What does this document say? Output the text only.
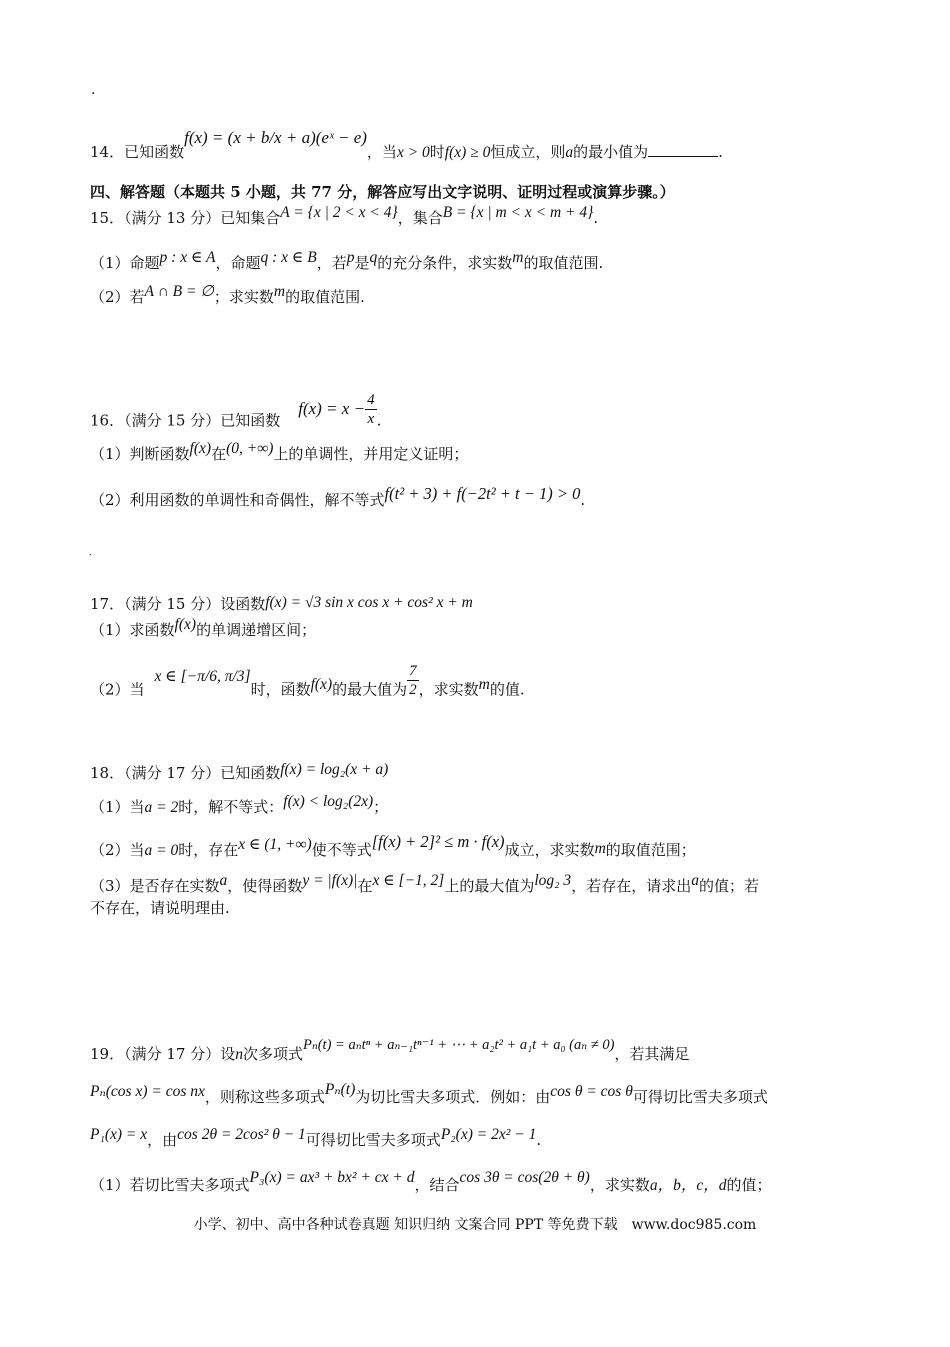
.
14．已知函数f(x) = (x + b/x + a)(eˣ − e)，当x > 0时f(x) ≥ 0恒成立，则a的最小值为	.
四、解答题（本题共 5 小题，共 77 分，解答应写出文字说明、证明过程或演算步骤。）
15．（满分 13 分）已知集合A = {x | 2 < x < 4}，集合B = {x | m < x < m + 4}.
（1）命题p : x ∈ A，命题q : x ∈ B，若p是q的充分条件，求实数m的取值范围.
（2）若A ∩ B = ∅；求实数m的取值范围.
16．（满分 15 分）已知函数$f(x) = x - \frac{4}{x}$ .
（1）判断函数f(x)在(0, +∞)上的单调性，并用定义证明；
（2）利用函数的单调性和奇偶性，解不等式f(t² + 3) + f(−2t² + t − 1) > 0.
.
17．（满分 15 分）设函数f(x) = √3 sin x cos x + cos² x + m
（1）求函数f(x)的单调递增区间；
（2）当x ∈ [−π/6, π/3]时，函数f(x)的最大值为 $\frac{7}{2}$ ，求实数m的值.
18．（满分 17 分）已知函数f(x) = log₂(x + a)
（1）当a = 2时，解不等式：f(x) < log₂(2x)；
（2）当a = 0时，存在x ∈ (1, +∞)使不等式[f(x) + 2]² ≤ m · f(x)成立，求实数m的取值范围；
（3）是否存在实数a，使得函数y = |f(x)|在x ∈ [−1, 2]上的最大值为log₂ 3，若存在，请求出a的值；若
不存在，请说明理由.
19．（满分 17 分）设n次多项式Pₙ(t) = aₙtⁿ + aₙ₋₁tⁿ⁻¹ + ⋯ + a₂t² + a₁t + a₀ (aₙ ≠ 0)，若其满足
Pₙ(cos x) = cos nx，则称这些多项式Pₙ(t)为切比雪夫多项式．例如：由cos θ = cos θ可得切比雪夫多项式
P₁(x) = x，由cos 2θ = 2cos² θ − 1可得切比雪夫多项式P₂(x) = 2x² − 1.
（1）若切比雪夫多项式P₃(x) = ax³ + bx² + cx + d，结合cos 3θ = cos(2θ + θ)，求实数a，b，c，d的值；
小学、初中、高中各种试卷真题 知识归纳 文案合同 PPT 等免费下载　www.doc985.com
